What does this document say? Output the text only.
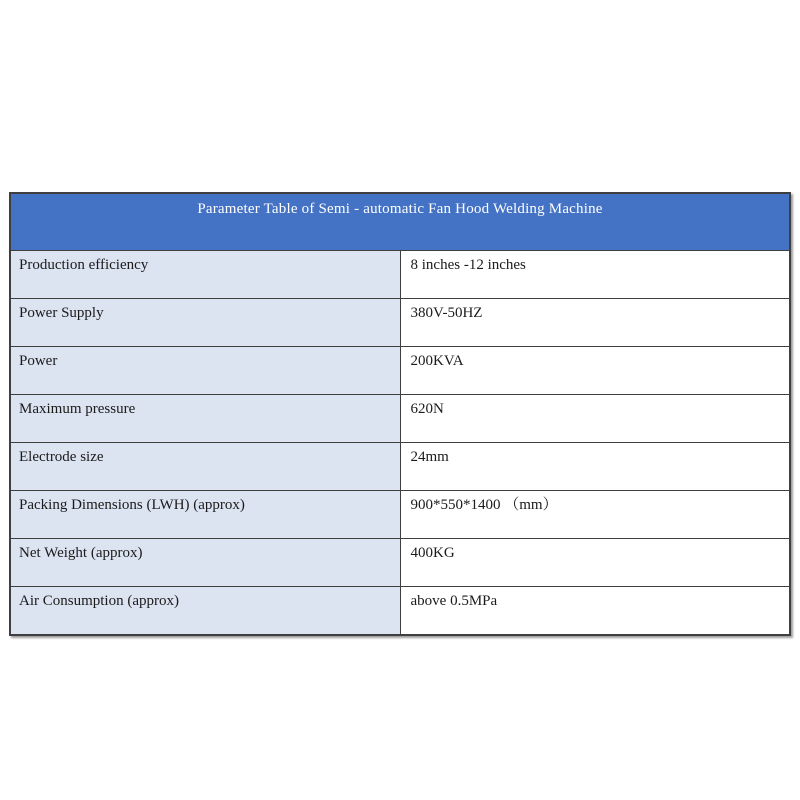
Parameter Table of Semi - automatic Fan Hood Welding Machine	
Production efficiency	8 inches -12 inches
Power Supply	380V-50HZ
Power	200KVA
Maximum pressure	620N
Electrode size	24mm
Packing Dimensions (LWH) (approx)	900*550*1400 （mm）
Net Weight (approx)	400KG
Air Consumption (approx)	above 0.5MPa
